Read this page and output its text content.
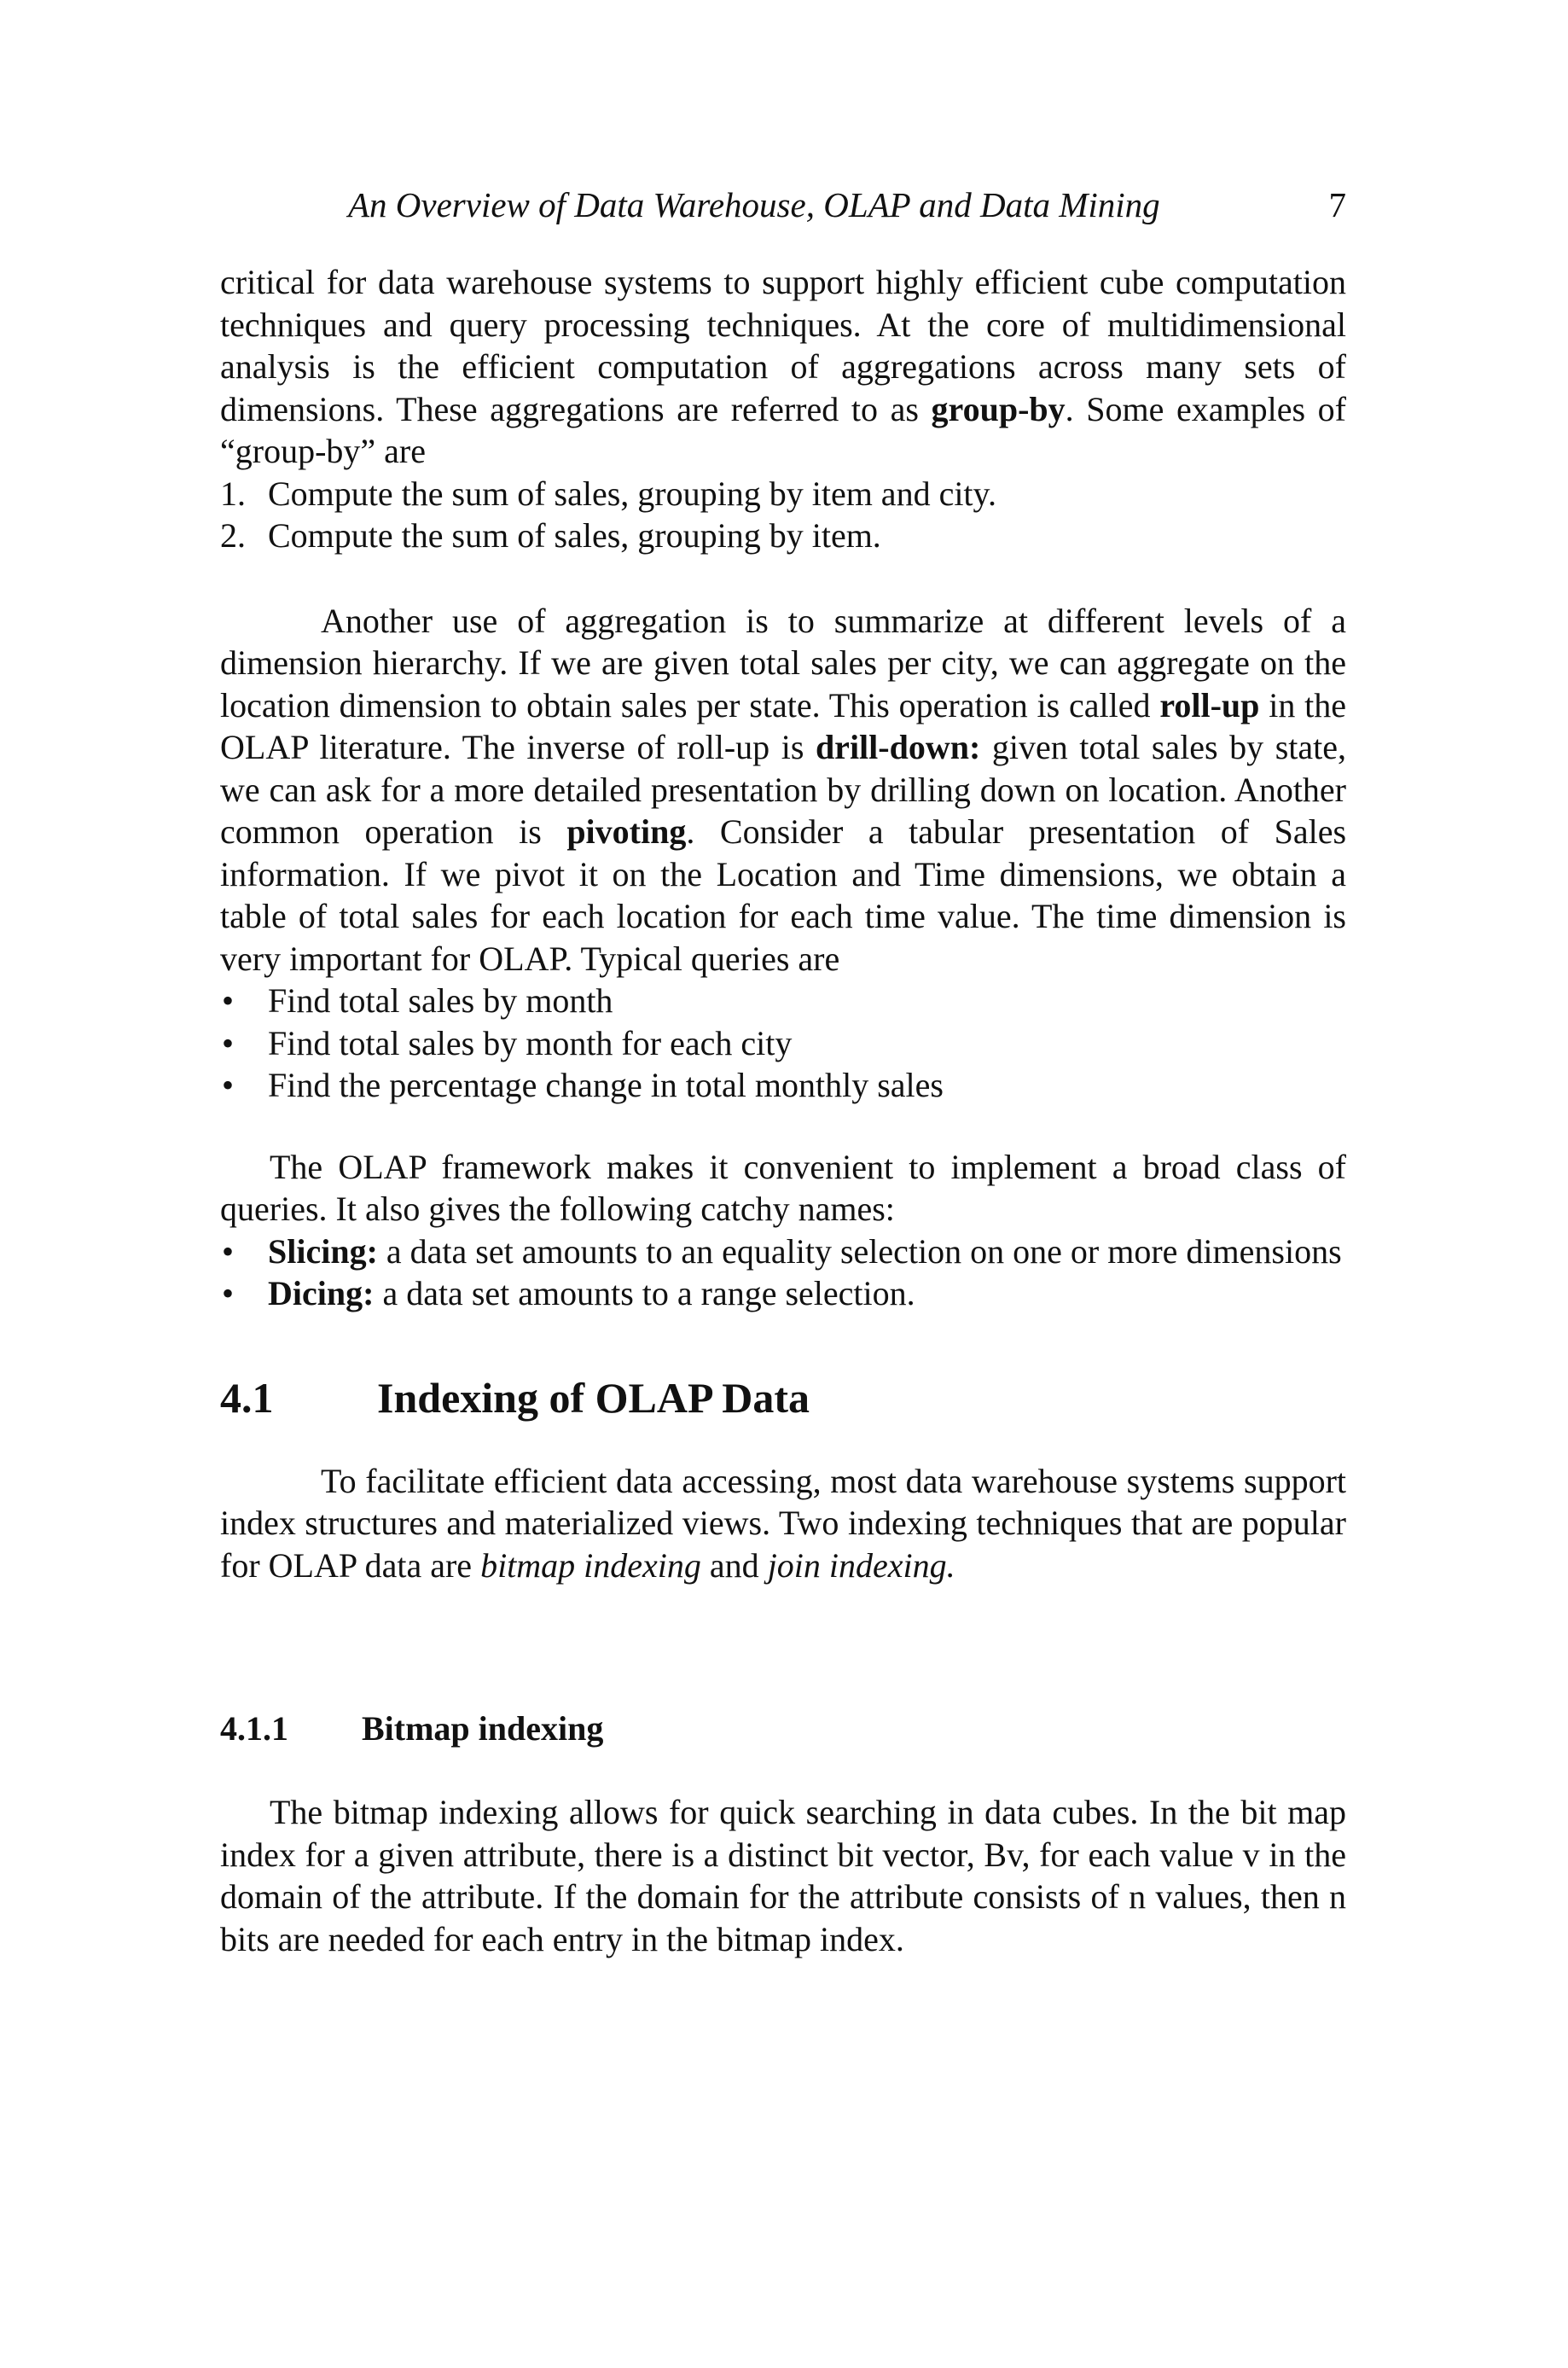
An Overview of Data Warehouse, OLAP and Data Mining	7

critical for data warehouse systems to support highly efficient cube computation techniques and query processing techniques. At the core of multidimensional analysis is the efficient computation of aggregations across many sets of dimensions. These aggregations are referred to as group-by. Some examples of “group-by” are

1. Compute the sum of sales, grouping by item and city.
2. Compute the sum of sales, grouping by item.

Another use of aggregation is to summarize at different levels of a dimension hierarchy. If we are given total sales per city, we can aggregate on the location dimension to obtain sales per state. This operation is called roll-up in the OLAP literature. The inverse of roll-up is drill-down: given total sales by state, we can ask for a more detailed presentation by drilling down on location. Another common operation is pivoting. Consider a tabular presentation of Sales information. If we pivot it on the Location and Time dimensions, we obtain a table of total sales for each location for each time value. The time dimension is very important for OLAP. Typical queries are

• Find total sales by month
• Find total sales by month for each city
• Find the percentage change in total monthly sales

The OLAP framework makes it convenient to implement a broad class of queries. It also gives the following catchy names:

• Slicing: a data set amounts to an equality selection on one or more dimensions
• Dicing: a data set amounts to a range selection.
4.1 Indexing of OLAP Data

To facilitate efficient data accessing, most data warehouse systems support index structures and materialized views. Two indexing techniques that are popular for OLAP data are bitmap indexing and join indexing.

4.1.1 Bitmap indexing

The bitmap indexing allows for quick searching in data cubes. In the bit map index for a given attribute, there is a distinct bit vector, Bv, for each value v in the domain of the attribute. If the domain for the attribute consists of n values, then n bits are needed for each entry in the bitmap index.
